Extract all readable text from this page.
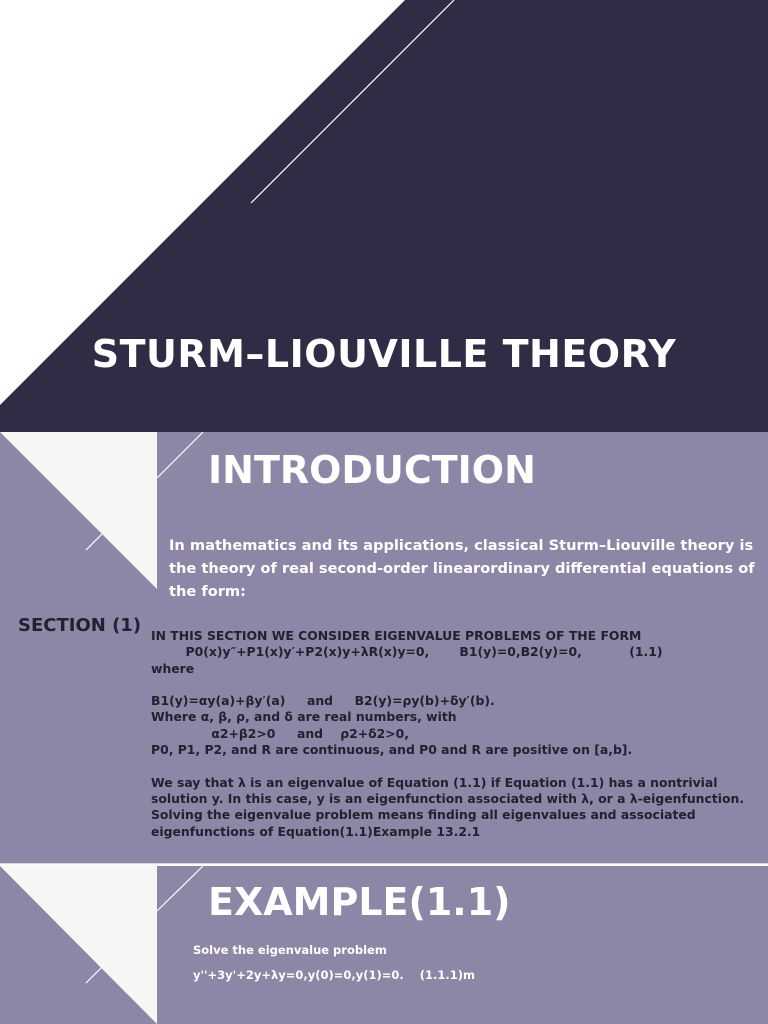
STURM–LIOUVILLE THEORY
INTRODUCTION
In mathematics and its applications, classical Sturm–Liouville theory is the theory of real second-order linearordinary differential equations of the form:
SECTION (1) IN THIS SECTION WE CONSIDER EIGENVALUE PROBLEMS OF THE FORM
P0(x)y″+P1(x)y′+P2(x)y+λR(x)y=0,       B1(y)=0,B2(y)=0,           (1.1)
where
B1(y)=αy(a)+βy′(a)     and     B2(y)=ρy(b)+δy′(b).
Where α, β, ρ, and δ are real numbers, with
α2+β2>0     and    ρ2+δ2>0,
P0, P1, P2, and R are continuous, and P0 and R are positive on [a,b].
We say that λ is an eigenvalue of Equation (1.1) if Equation (1.1) has a nontrivial
solution y. In this case, y is an eigenfunction associated with λ, or a λ-eigenfunction.
Solving the eigenvalue problem means finding all eigenvalues and associated
eigenfunctions of Equation(1.1)Example 13.2.1
EXAMPLE(1.1)
Solve the eigenvalue problem
y''+3y'+2y+λy=0,y(0)=0,y(1)=0.    (1.1.1)m
